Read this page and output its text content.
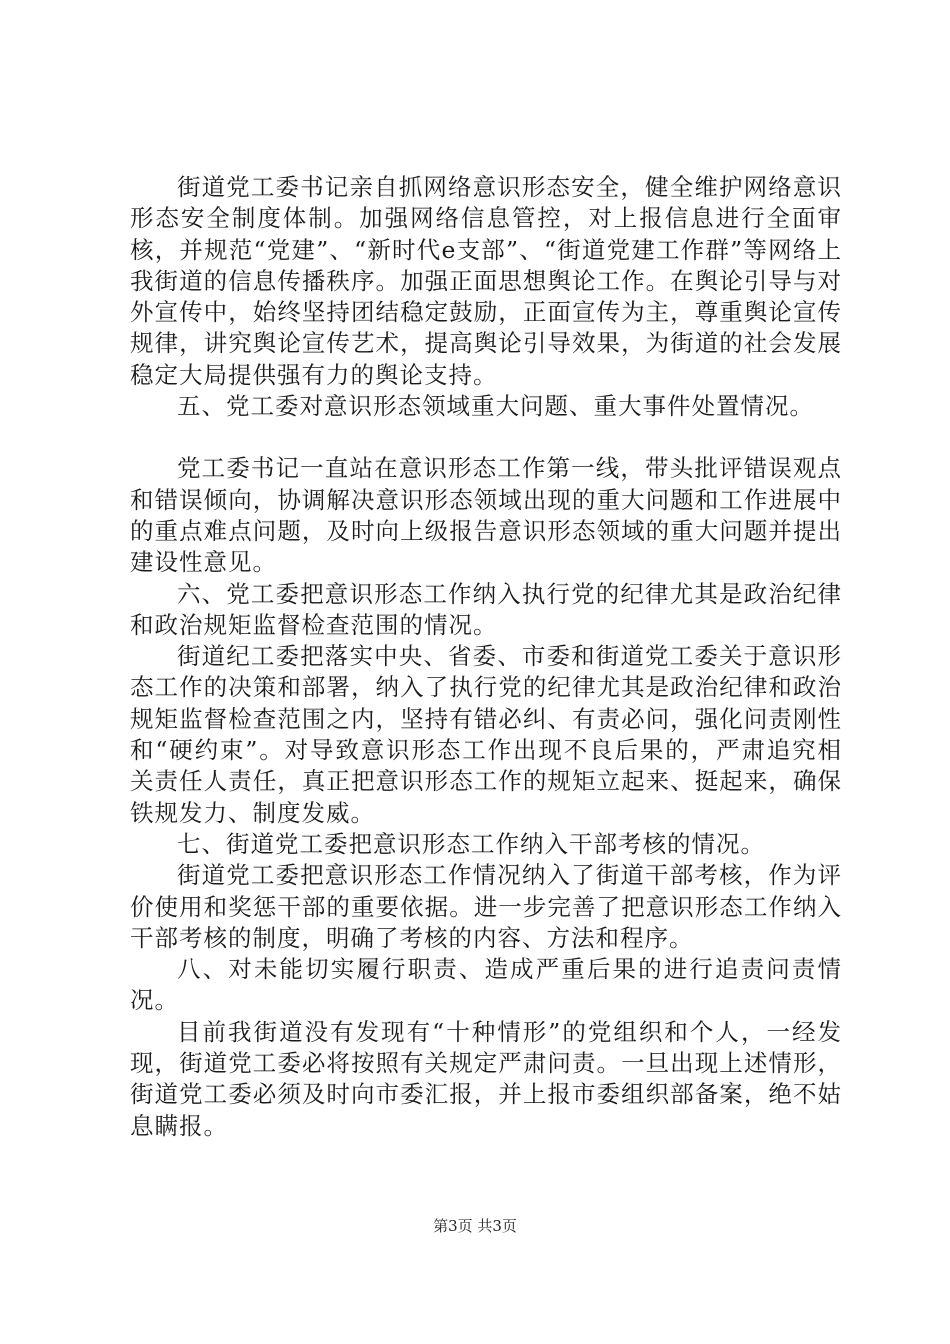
街道党工委书记亲自抓网络意识形态安全，健全维护网络意识形态安全制度体制。加强网络信息管控，对上报信息进行全面审核，并规范“党建”、“新时代e支部”、“街道党建工作群”等网络上我街道的信息传播秩序。加强正面思想舆论工作。在舆论引导与对外宣传中，始终坚持团结稳定鼓励，正面宣传为主，尊重舆论宣传规律，讲究舆论宣传艺术，提高舆论引导效果，为街道的社会发展稳定大局提供强有力的舆论支持。

五、党工委对意识形态领域重大问题、重大事件处置情况。

党工委书记一直站在意识形态工作第一线，带头批评错误观点和错误倾向，协调解决意识形态领域出现的重大问题和工作进展中的重点难点问题，及时向上级报告意识形态领域的重大问题并提出建设性意见。

六、党工委把意识形态工作纳入执行党的纪律尤其是政治纪律和政治规矩监督检查范围的情况。

街道纪工委把落实中央、省委、市委和街道党工委关于意识形态工作的决策和部署，纳入了执行党的纪律尤其是政治纪律和政治规矩监督检查范围之内，坚持有错必纠、有责必问，强化问责刚性和“硬约束”。对导致意识形态工作出现不良后果的，严肃追究相关责任人责任，真正把意识形态工作的规矩立起来、挺起来，确保铁规发力、制度发威。

七、街道党工委把意识形态工作纳入干部考核的情况。

街道党工委把意识形态工作情况纳入了街道干部考核，作为评价使用和奖惩干部的重要依据。进一步完善了把意识形态工作纳入干部考核的制度，明确了考核的内容、方法和程序。

八、对未能切实履行职责、造成严重后果的进行追责问责情况。

目前我街道没有发现有“十种情形”的党组织和个人，一经发现，街道党工委必将按照有关规定严肃问责。一旦出现上述情形，街道党工委必须及时向市委汇报，并上报市委组织部备案，绝不姑息瞒报。

第3页 共3页
